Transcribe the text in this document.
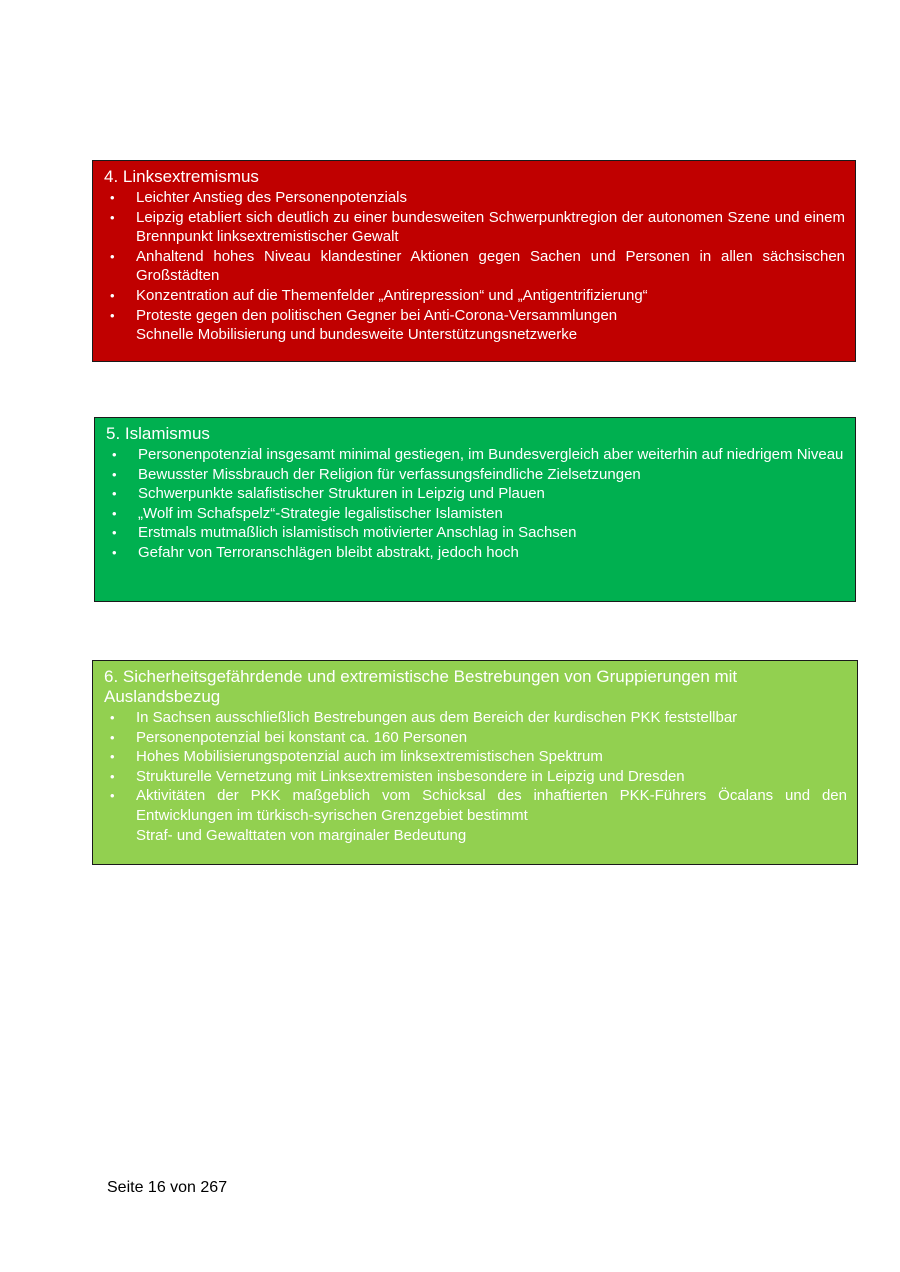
4. Linksextremismus
• Leichter Anstieg des Personenpotenzials
• Leipzig etabliert sich deutlich zu einer bundesweiten Schwerpunktregion der autonomen Szene und einem Brennpunkt linksextremistischer Gewalt
• Anhaltend hohes Niveau klandestiner Aktionen gegen Sachen und Personen in allen sächsischen Großstädten
• Konzentration auf die Themenfelder „Antirepression“ und „Antigentrifizierung“
• Proteste gegen den politischen Gegner bei Anti-Corona-Versammlungen
Schnelle Mobilisierung und bundesweite Unterstützungsnetzwerke
5. Islamismus
• Personenpotenzial insgesamt minimal gestiegen, im Bundesvergleich aber weiterhin auf niedrigem Niveau
• Bewusster Missbrauch der Religion für verfassungsfeindliche Zielsetzungen
• Schwerpunkte salafistischer Strukturen in Leipzig und Plauen
• „Wolf im Schafspelz“-Strategie legalistischer Islamisten
• Erstmals mutmaßlich islamistisch motivierter Anschlag in Sachsen
• Gefahr von Terroranschlägen bleibt abstrakt, jedoch hoch
6. Sicherheitsgefährdende und extremistische Bestrebungen von Gruppierungen mit Auslandsbezug
• In Sachsen ausschließlich Bestrebungen aus dem Bereich der kurdischen PKK feststellbar
• Personenpotenzial bei konstant ca. 160 Personen
• Hohes Mobilisierungspotenzial auch im linksextremistischen Spektrum
• Strukturelle Vernetzung mit Linksextremisten insbesondere in Leipzig und Dresden
• Aktivitäten der PKK maßgeblich vom Schicksal des inhaftierten PKK-Führers Öcalans und den Entwicklungen im türkisch-syrischen Grenzgebiet bestimmt
Straf- und Gewalttaten von marginaler Bedeutung
Seite 16 von 267
